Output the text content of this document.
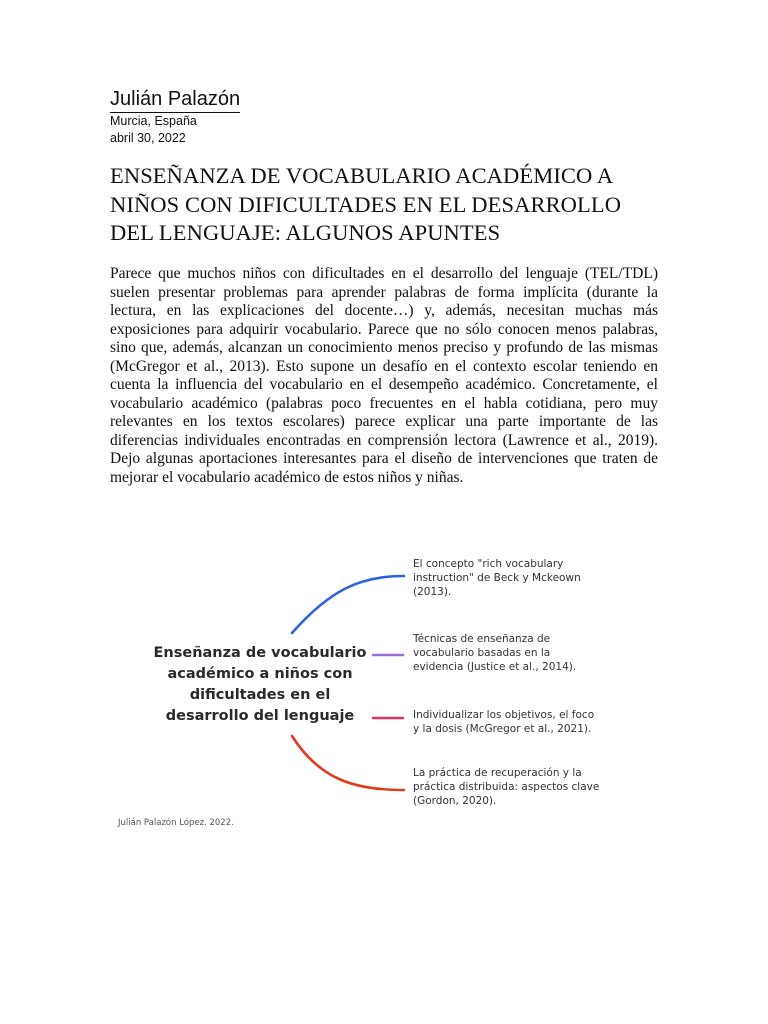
Julián Palazón
Murcia, España
abril 30, 2022
ENSEÑANZA DE VOCABULARIO ACADÉMICO A
NIÑOS CON DIFICULTADES EN EL DESARROLLO
DEL LENGUAJE: ALGUNOS APUNTES

Parece que muchos niños con dificultades en el desarrollo del lenguaje (TEL/TDL) suelen presentar problemas para aprender palabras de forma implícita (durante la lectura, en las explicaciones del docente…) y, además, necesitan muchas más exposiciones para adquirir vocabulario. Parece que no sólo conocen menos palabras, sino que, además, alcanzan un conocimiento menos preciso y profundo de las mismas (McGregor et al., 2013). Esto supone un desafío en el contexto escolar teniendo en cuenta la influencia del vocabulario en el desempeño académico. Concretamente, el vocabulario académico (palabras poco frecuentes en el habla cotidiana, pero muy relevantes en los textos escolares) parece explicar una parte importante de las diferencias individuales encontradas en comprensión lectora (Lawrence et al., 2019). Dejo algunas aportaciones interesantes para el diseño de intervenciones que traten de mejorar el vocabulario académico de estos niños y niñas.

Enseñanza de vocabulario
académico a niños con
dificultades en el
desarrollo del lenguaje
El concepto "rich vocabulary
instruction" de Beck y Mckeown
(2013).
Técnicas de enseñanza de
vocabulario basadas en la
evidencia (Justice et al., 2014).
Individualizar los objetivos, el foco
y la dosis (McGregor et al., 2021).
La práctica de recuperación y la
práctica distribuida: aspectos clave
(Gordon, 2020).
Julián Palazón López. 2022.
